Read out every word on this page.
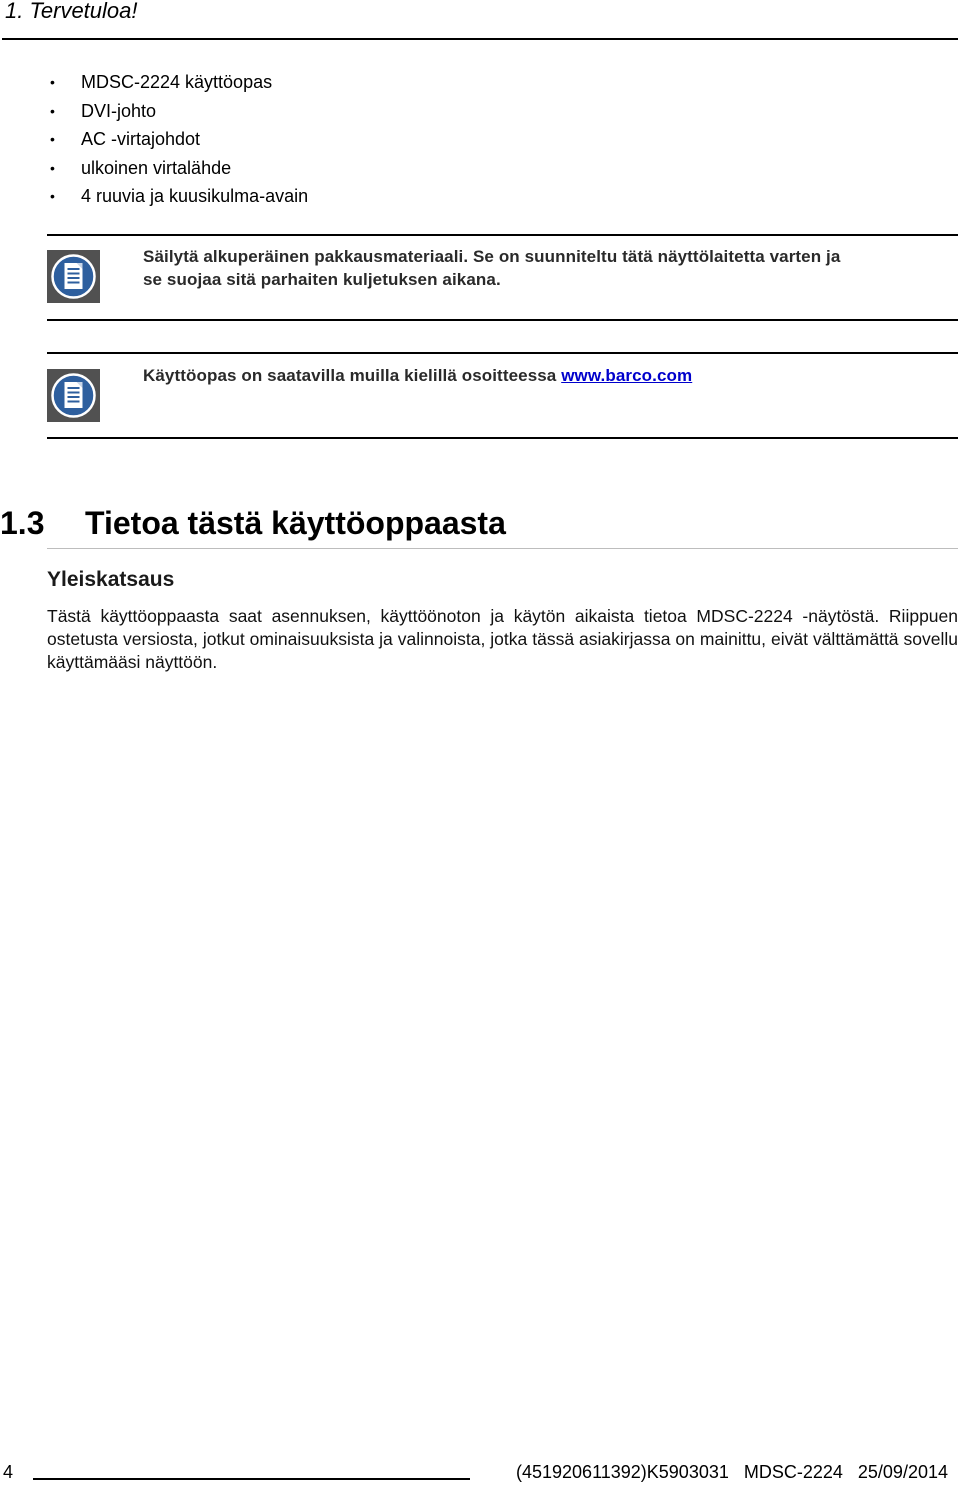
1. Tervetuloa!
• MDSC-2224 käyttöopas
• DVI-johto
• AC -virtajohdot
• ulkoinen virtalähde
• 4 ruuvia ja kuusikulma-avain
Säilytä alkuperäinen pakkausmateriaali. Se on suunniteltu tätä näyttölaitetta varten ja
se suojaa sitä parhaiten kuljetuksen aikana.
Käyttöopas on saatavilla muilla kielillä osoitteessa www.barco.com
1.3 Tietoa tästä käyttöoppaasta
Yleiskatsaus
Tästä käyttöoppaasta saat asennuksen, käyttöönoton ja käytön aikaista tietoa MDSC-2224 -näytöstä. Riippuen ostetusta versiosta, jotkut ominaisuuksista ja valinnoista, jotka tässä asiakirjassa on mainittu, eivät välttämättä sovellu käyttämääsi näyttöön.
4	(451920611392)K5903031   MDSC-2224   25/09/2014
